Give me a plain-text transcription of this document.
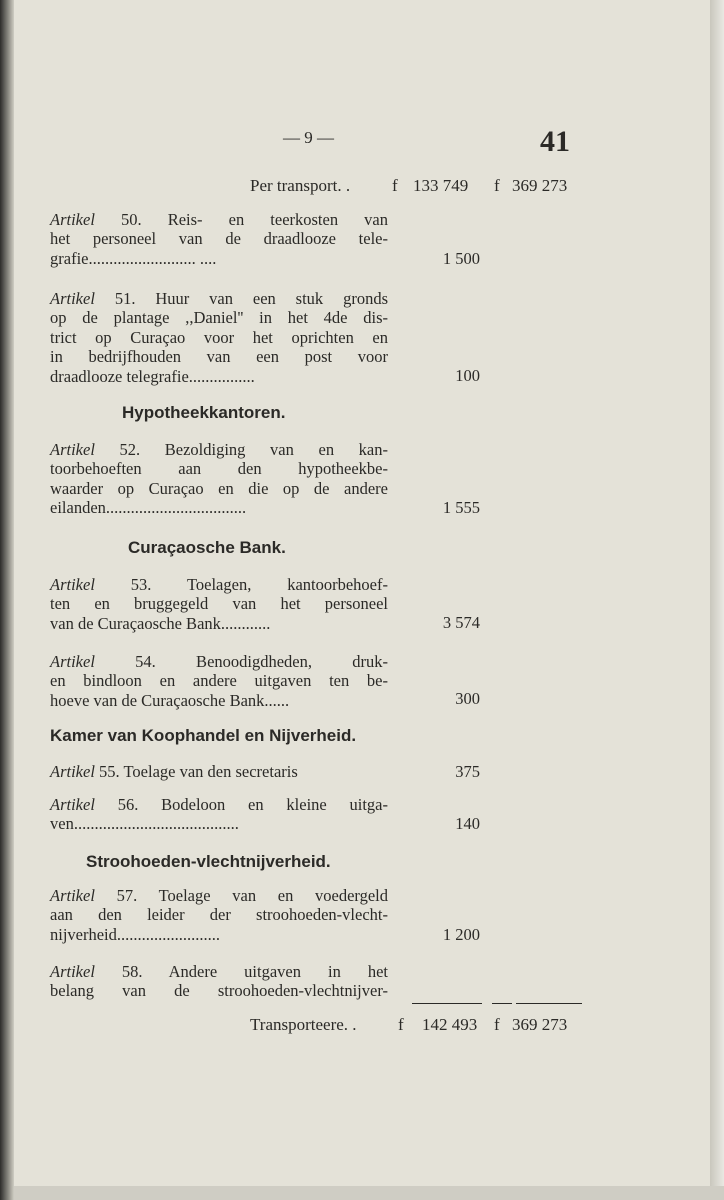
— 9 —	41
Per transport. . f 133 749 f 369 273
Artikel 50. Reis- en teerkosten van
het personeel van de draadlooze tele-
grafie.......................... ....	1 500
Artikel 51. Huur van een stuk gronds
op de plantage ,,Daniel'' in het 4de dis-
trict op Curaçao voor het oprichten en
in bedrijfhouden van een post voor
draadlooze telegrafie................	100
Hypotheekkantoren.
Artikel 52. Bezoldiging van en kan-
toorbehoeften aan den hypotheekbe-
waarder op Curaçao en die op de andere
eilanden..................................	1 555
Curaçaosche Bank.
Artikel 53. Toelagen, kantoorbehoef-
ten en bruggegeld van het personeel
van de Curaçaosche Bank............	3 574
Artikel 54. Benoodigdheden, druk-
en bindloon en andere uitgaven ten be-
hoeve van de Curaçaosche Bank......	300
Kamer van Koophandel en Nijverheid.
Artikel 55. Toelage van den secretaris	375
Artikel 56. Bodeloon en kleine uitga-
ven........................................	140
Stroohoeden-vlechtnijverheid.
Artikel 57. Toelage van en voedergeld
aan den leider der stroohoeden-vlecht-
nijverheid.........................	1 200
Artikel 58. Andere uitgaven in het
belang van de stroohoeden-vlechtnijver-
Transporteere. . f 142 493 f 369 273
